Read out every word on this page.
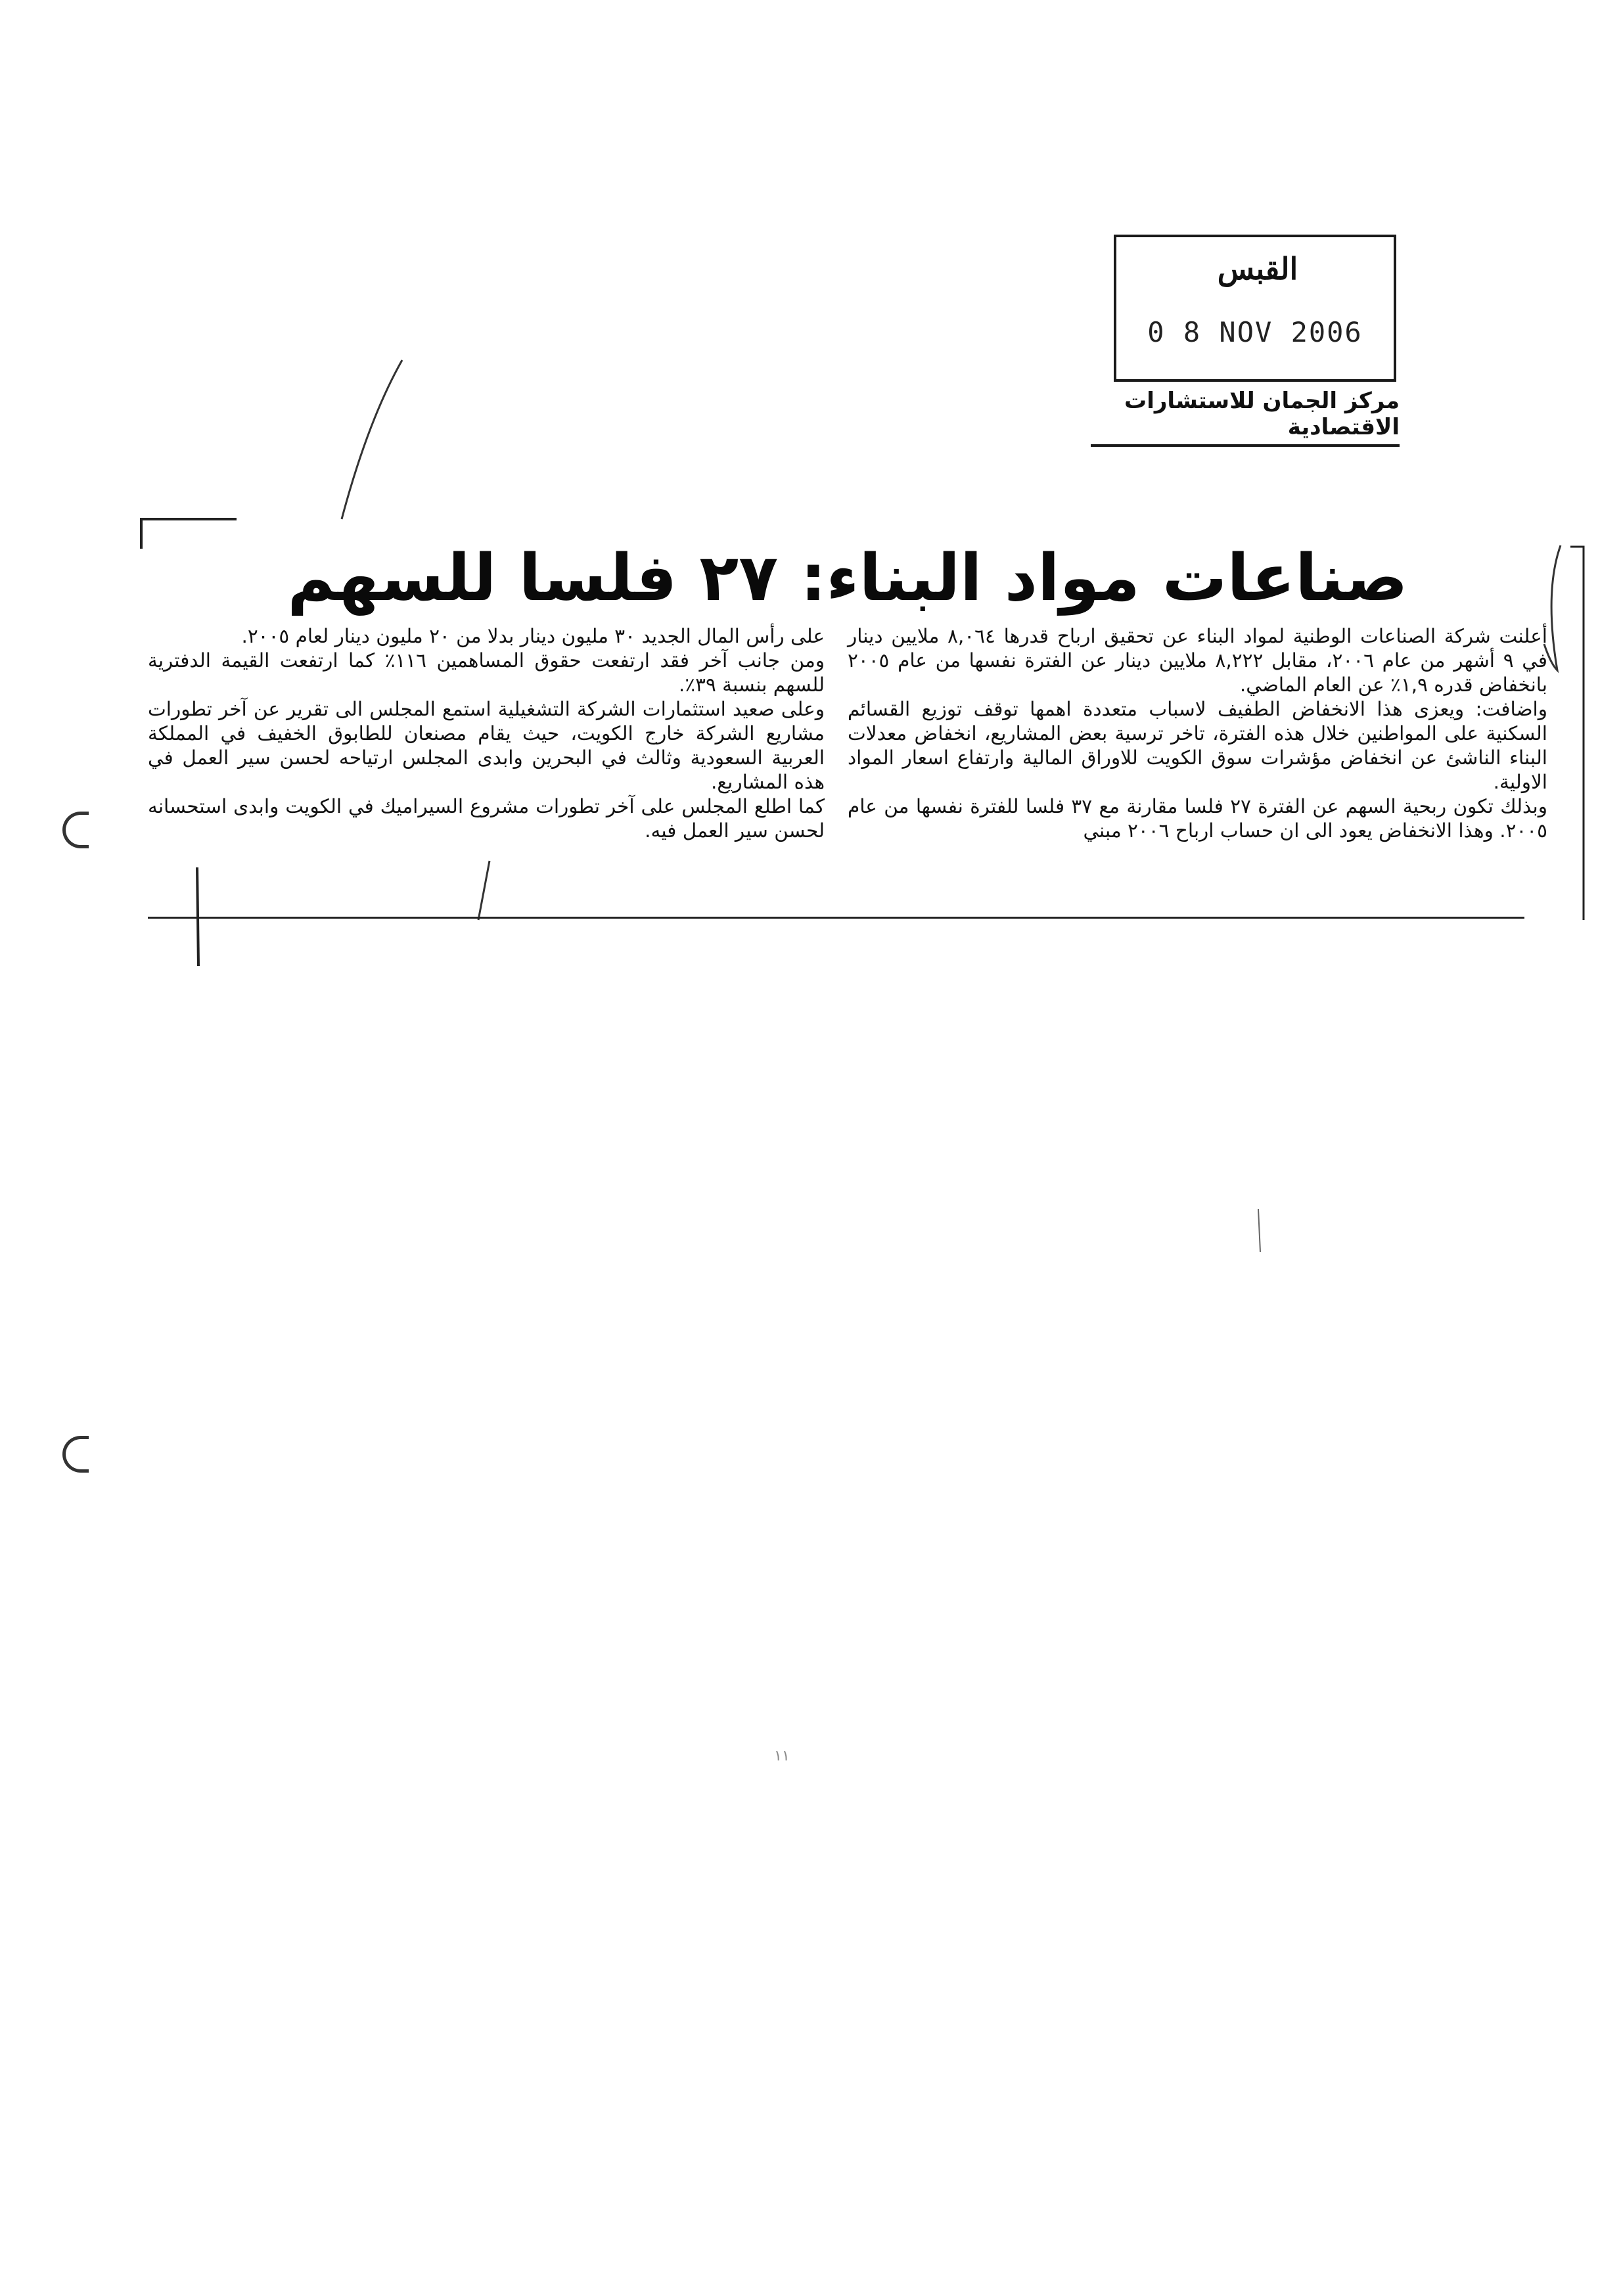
القبس
0 8 NOV 2006
مركز الجمان للاستشارات الاقتصادية
صناعات مواد البناء: ٢٧ فلسا للسهم

أعلنت شركة الصناعات الوطنية لمواد البناء عن تحقيق ارباح قدرها ٨,٠٦٤ ملايين دينار في ٩ أشهر من عام ٢٠٠٦، مقابل ٨,٢٢٢ ملايين دينار عن الفترة نفسها من عام ٢٠٠٥ بانخفاض قدره ١,٩٪ عن العام الماضي.

واضافت: ويعزى هذا الانخفاض الطفيف لاسباب متعددة اهمها توقف توزيع القسائم السكنية على المواطنين خلال هذه الفترة، تاخر ترسية بعض المشاريع، انخفاض معدلات البناء الناشئ عن انخفاض مؤشرات سوق الكويت للاوراق المالية وارتفاع اسعار المواد الاولية.

وبذلك تكون ربحية السهم عن الفترة ٢٧ فلسا مقارنة مع ٣٧ فلسا للفترة نفسها من عام ٢٠٠٥. وهذا الانخفاض يعود الى ان حساب ارباح ٢٠٠٦ مبني

على رأس المال الجديد ٣٠ مليون دينار بدلا من ٢٠ مليون دينار لعام ٢٠٠٥.

ومن جانب آخر فقد ارتفعت حقوق المساهمين ١١٦٪ كما ارتفعت القيمة الدفترية للسهم بنسبة ٣٩٪.

وعلى صعيد استثمارات الشركة التشغيلية استمع المجلس الى تقرير عن آخر تطورات مشاريع الشركة خارج الكويت، حيث يقام مصنعان للطابوق الخفيف في المملكة العربية السعودية وثالث في البحرين وابدى المجلس ارتياحه لحسن سير العمل في هذه المشاريع.

كما اطلع المجلس على آخر تطورات مشروع السيراميك في الكويت وابدى استحسانه لحسن سير العمل فيه.

١١
